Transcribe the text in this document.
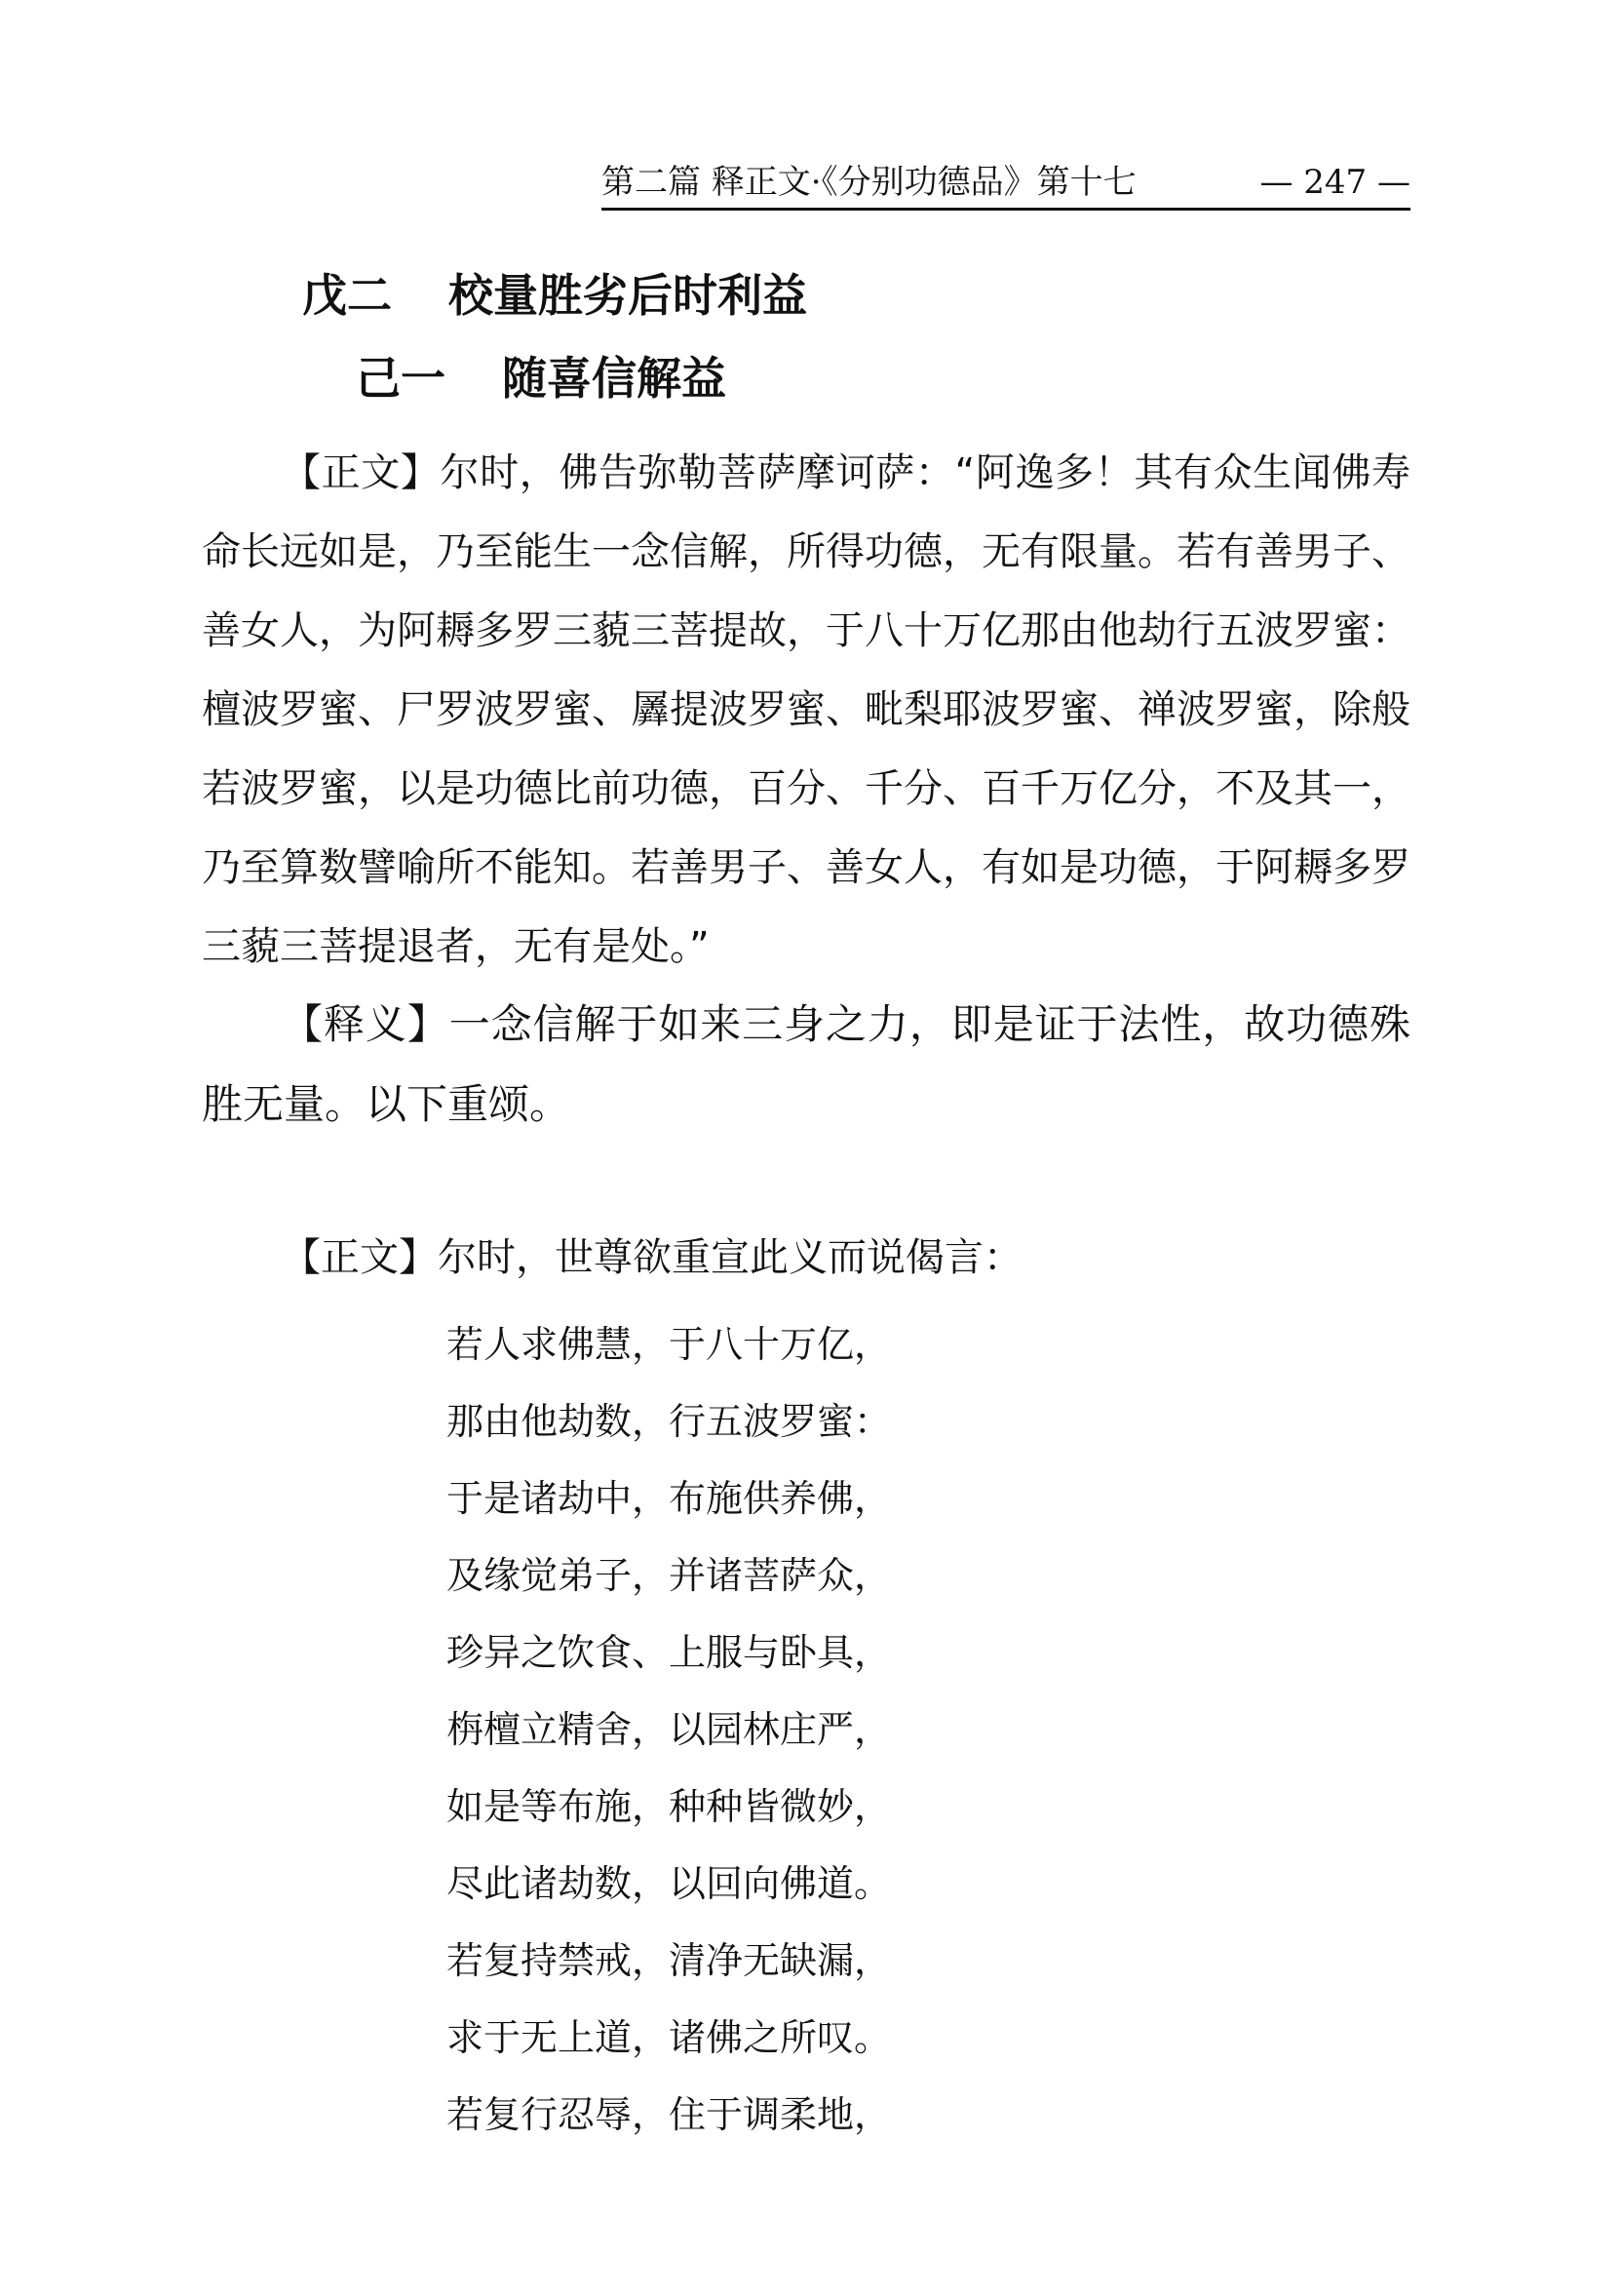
第二篇 释正文·《分别功德品》第十七	— 247 —
戊二 校量胜劣后时利益
己一 随喜信解益
【正文】尔时，佛告弥勒菩萨摩诃萨：“阿逸多！其有众生闻佛寿命长远如是，乃至能生一念信解，所得功德，无有限量。若有善男子、善女人，为阿耨多罗三藐三菩提故，于八十万亿那由他劫行五波罗蜜：檀波罗蜜、尸罗波罗蜜、羼提波罗蜜、毗梨耶波罗蜜、禅波罗蜜，除般若波罗蜜，以是功德比前功德，百分、千分、百千万亿分，不及其一，乃至算数譬喻所不能知。若善男子、善女人，有如是功德，于阿耨多罗三藐三菩提退者，无有是处。”
【释义】一念信解于如来三身之力，即是证于法性，故功德殊胜无量。以下重颂。
【正文】尔时，世尊欲重宣此义而说偈言：
若人求佛慧，于八十万亿，
那由他劫数，行五波罗蜜：
于是诸劫中，布施供养佛，
及缘觉弟子，并诸菩萨众，
珍异之饮食、上服与卧具，
栴檀立精舍，以园林庄严，
如是等布施，种种皆微妙，
尽此诸劫数，以回向佛道。
若复持禁戒，清净无缺漏，
求于无上道，诸佛之所叹。
若复行忍辱，住于调柔地，
